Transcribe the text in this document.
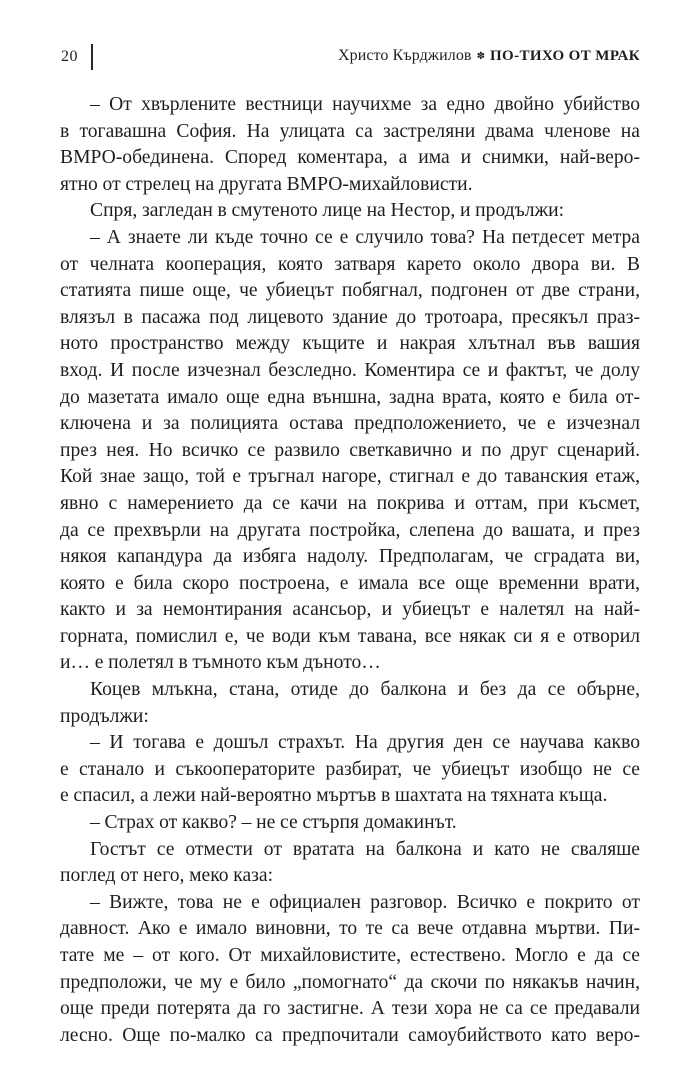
20	Христо Кърджилов ✽ ПО-ТИХО ОТ МРАК

– От хвърлените вестници научихме за едно двойно убийство

в тогавашна София. На улицата са застреляни двама членове на

ВМРО-обединена. Според коментара, а има и снимки, най-веро-

ятно от стрелец на другата ВМРО-михайловисти.

Спря, загледан в смутеното лице на Нестор, и продължи:

– А знаете ли къде точно се е случило това? На петдесет метра

от челната кооперация, която затваря карето около двора ви. В

статията пише още, че убиецът побягнал, подгонен от две страни,

влязъл в пасажа под лицевото здание до тротоара, пресякъл праз-

ното пространство между къщите и накрая хлътнал във вашия

вход. И после изчезнал безследно. Коментира се и фактът, че долу

до мазетата имало още една външна, задна врата, която е била от-

ключена и за полицията остава предположението, че е изчезнал

през нея. Но всичко се развило светкавично и по друг сценарий.

Кой знае защо, той е тръгнал нагоре, стигнал е до таванския етаж,

явно с намерението да се качи на покрива и оттам, при късмет,

да се прехвърли на другата постройка, слепена до вашата, и през

някоя капандура да избяга надолу. Предполагам, че сградата ви,

която е била скоро построена, е имала все още временни врати,

както и за немонтирания асансьор, и убиецът е налетял на най-

горната, помислил е, че води към тавана, все някак си я е отворил

и… е полетял в тъмното към дъното…

Коцев млъкна, стана, отиде до балкона и без да се обърне,

продължи:

– И тогава е дошъл страхът. На другия ден се научава какво

е станало и съкооператорите разбират, че убиецът изобщо не се

е спасил, а лежи най-вероятно мъртъв в шахтата на тяхната къща.

– Страх от какво? – не се стърпя домакинът.

Гостът се отмести от вратата на балкона и като не сваляше

поглед от него, меко каза:

– Вижте, това не е официален разговор. Всичко е покрито от

давност. Ако е имало виновни, то те са вече отдавна мъртви. Пи-

тате ме – от кого. От михайловистите, естествено. Могло е да се

предположи, че му е било „помогнато“ да скочи по някакъв начин,

още преди потерята да го застигне. А тези хора не са се предавали

лесно. Още по-малко са предпочитали самоубийството като веро-
